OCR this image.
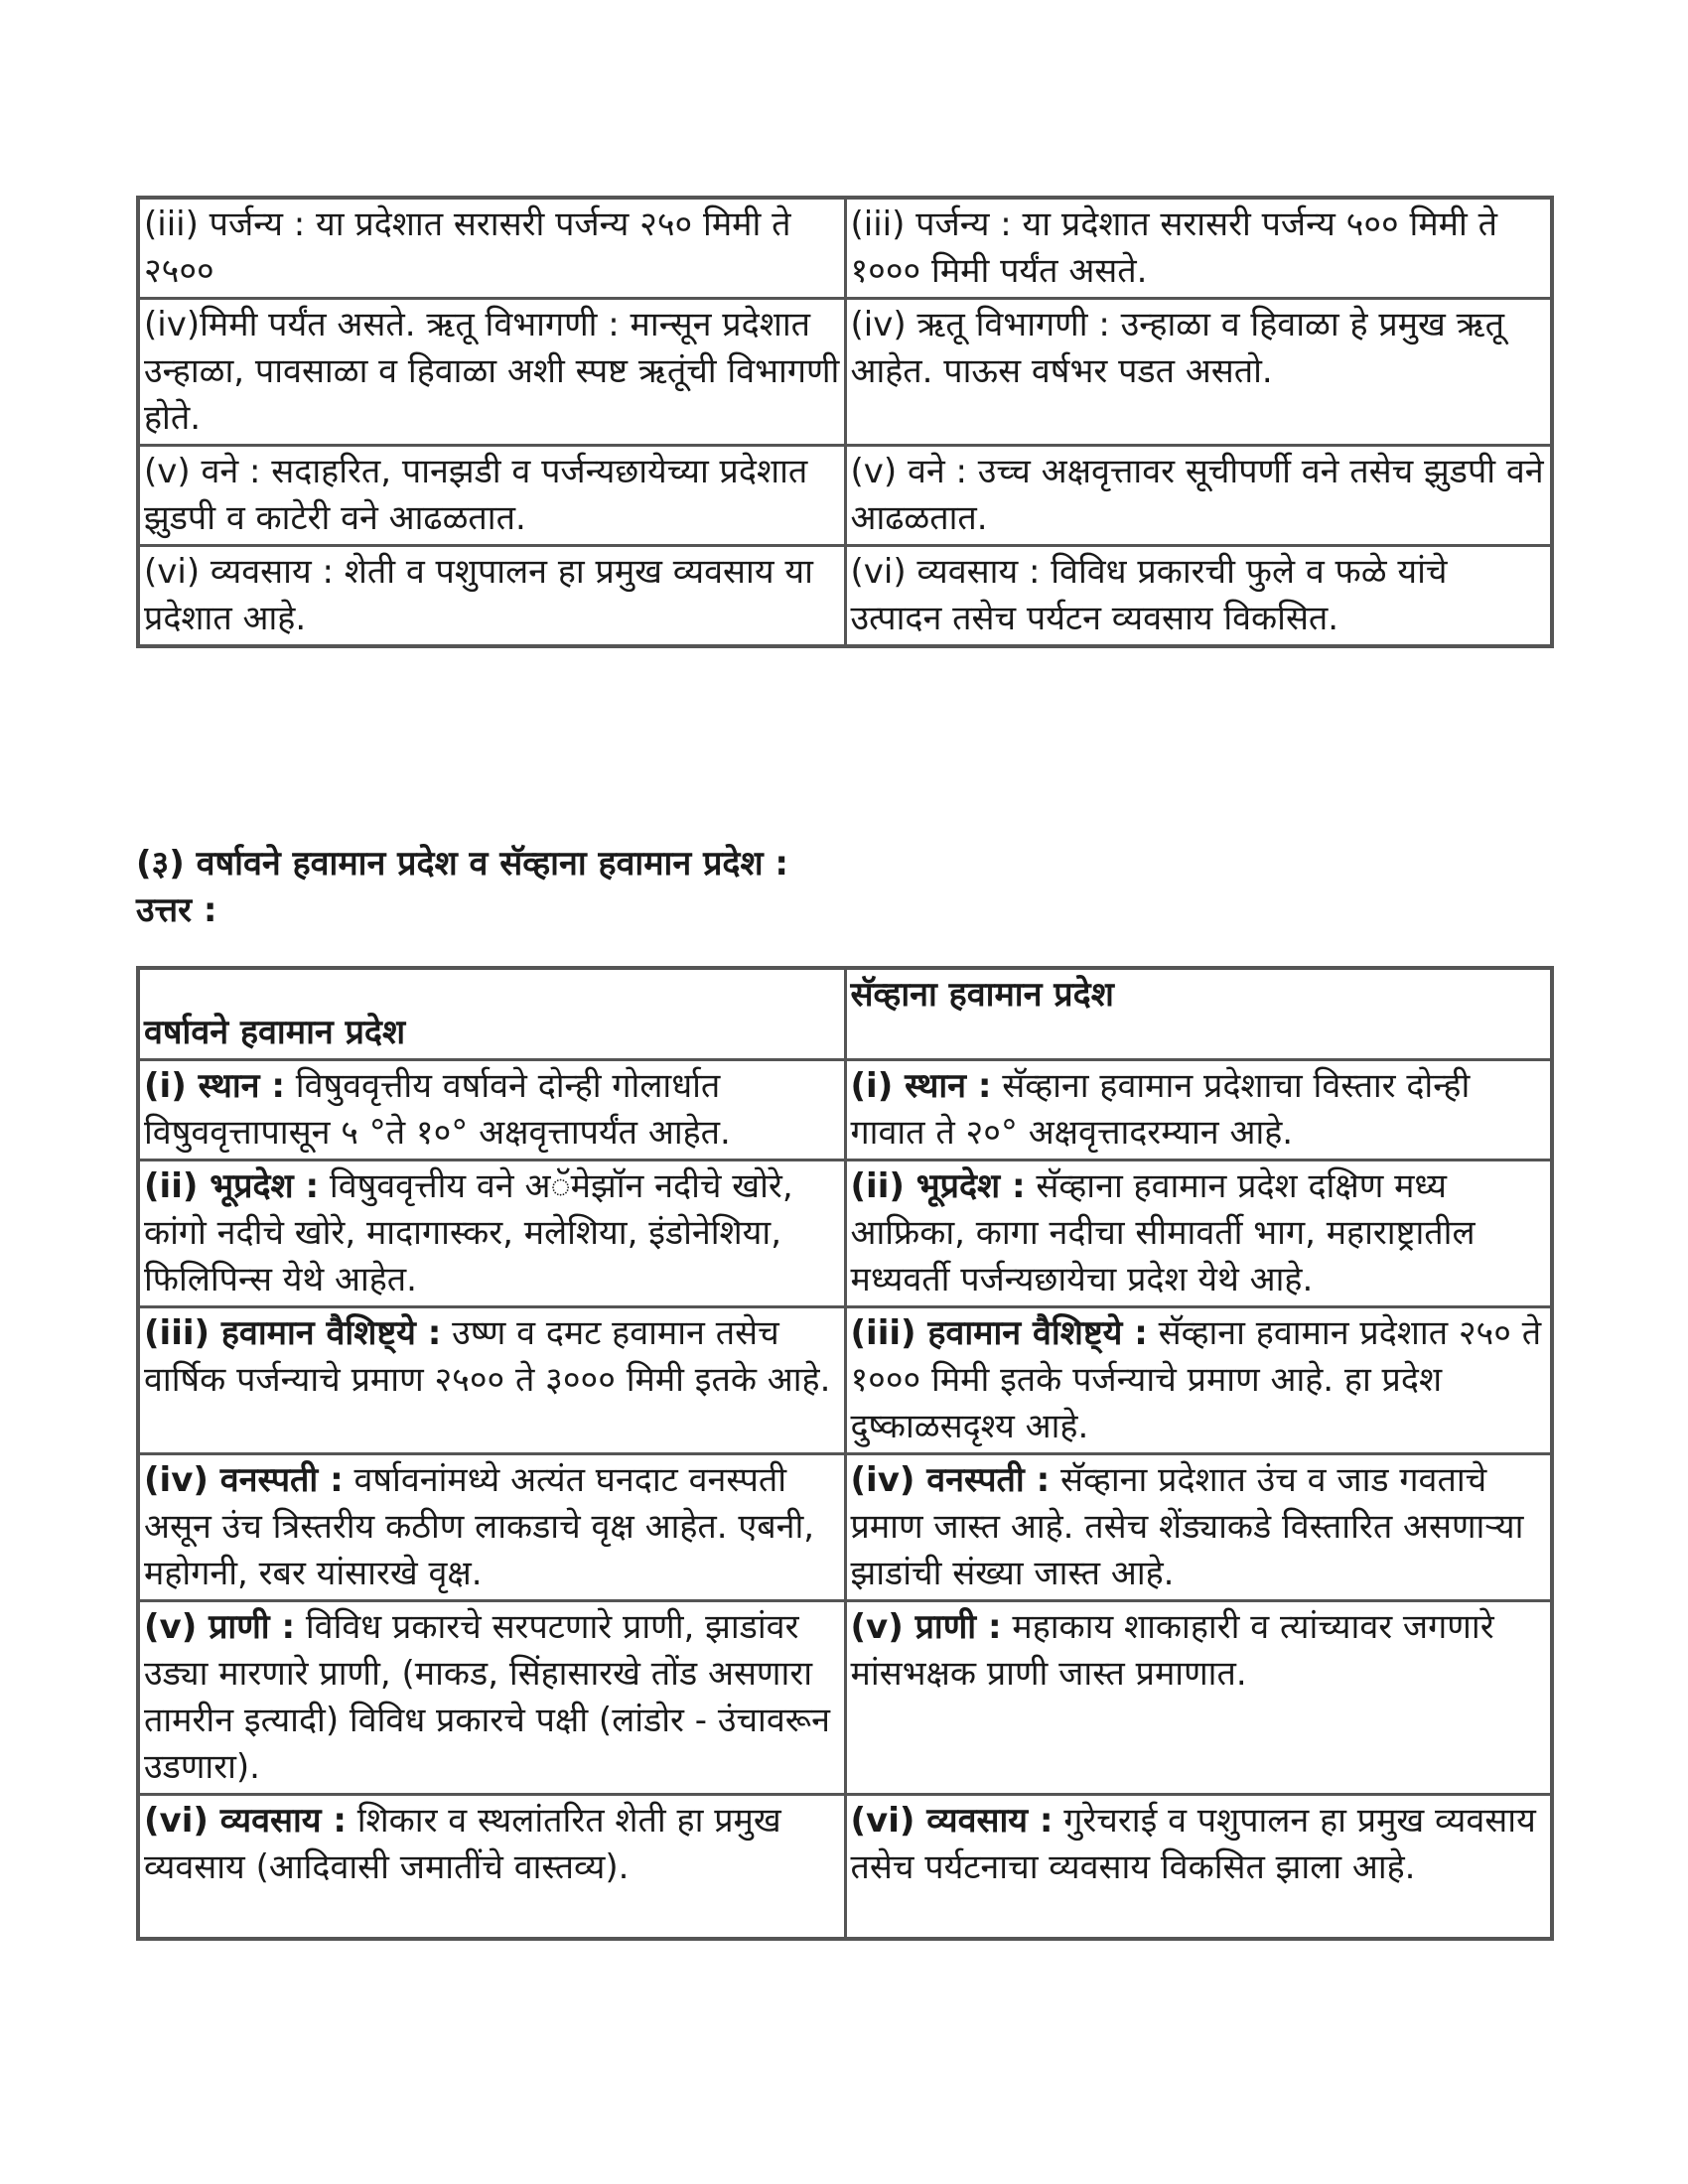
(iii) पर्जन्य : या प्रदेशात सरासरी पर्जन्य २५० मिमी ते २५००	(iii) पर्जन्य : या प्रदेशात सरासरी पर्जन्य ५०० मिमी ते १००० मिमी पर्यंत असते.
(iv)मिमी पर्यंत असते. ऋतू विभागणी : मान्सून प्रदेशात उन्हाळा, पावसाळा व हिवाळा अशी स्पष्ट ऋतूंची विभागणी होते.	(iv) ऋतू विभागणी : उन्हाळा व हिवाळा हे प्रमुख ऋतू आहेत. पाऊस वर्षभर पडत असतो.
(v) वने : सदाहरित, पानझडी व पर्जन्यछायेच्या प्रदेशात झुडपी व काटेरी वने आढळतात.	(v) वने : उच्च अक्षवृत्तावर सूचीपर्णी वने तसेच झुडपी वने आढळतात.
(vi) व्यवसाय : शेती व पशुपालन हा प्रमुख व्यवसाय या प्रदेशात आहे.	(vi) व्यवसाय : विविध प्रकारची फुले व फळे यांचे उत्पादन तसेच पर्यटन व्यवसाय विकसित.

(३) वर्षावने हवामान प्रदेश व सॅव्हाना हवामान प्रदेश :

उत्तर :

वर्षावने हवामान प्रदेश	सॅव्हाना हवामान प्रदेश
(i) स्थान : विषुववृत्तीय वर्षावने दोन्ही गोलार्धात विषुववृत्तापासून ५ °ते १०° अक्षवृत्तापर्यंत आहेत.	(i) स्थान : सॅव्हाना हवामान प्रदेशाचा विस्तार दोन्ही गावात ते २०° अक्षवृत्तादरम्यान आहे.
(ii) भूप्रदेश : विषुववृत्तीय वने अॅमेझॉन नदीचे खोरे, कांगो नदीचे खोरे, मादागास्कर, मलेशिया, इंडोनेशिया, फिलिपिन्स येथे आहेत.	(ii) भूप्रदेश : सॅव्हाना हवामान प्रदेश दक्षिण मध्य आफ्रिका, कागा नदीचा सीमावर्ती भाग, महाराष्ट्रातील मध्यवर्ती पर्जन्यछायेचा प्रदेश येथे आहे.
(iii) हवामान वैशिष्ट्ये : उष्ण व दमट हवामान तसेच वार्षिक पर्जन्याचे प्रमाण २५०० ते ३००० मिमी इतके आहे.	(iii) हवामान वैशिष्ट्ये : सॅव्हाना हवामान प्रदेशात २५० ते १००० मिमी इतके पर्जन्याचे प्रमाण आहे. हा प्रदेश दुष्काळसदृश्य आहे.
(iv) वनस्पती : वर्षावनांमध्ये अत्यंत घनदाट वनस्पती असून उंच त्रिस्तरीय कठीण लाकडाचे वृक्ष आहेत. एबनी, महोगनी, रबर यांसारखे वृक्ष.	(iv) वनस्पती : सॅव्हाना प्रदेशात उंच व जाड गवताचे प्रमाण जास्त आहे. तसेच शेंड्याकडे विस्तारित असणाऱ्या झाडांची संख्या जास्त आहे.
(v) प्राणी : विविध प्रकारचे सरपटणारे प्राणी, झाडांवर उड्या मारणारे प्राणी, (माकड, सिंहासारखे तोंड असणारा तामरीन इत्यादी) विविध प्रकारचे पक्षी (लांडोर - उंचावरून उडणारा).	(v) प्राणी : महाकाय शाकाहारी व त्यांच्यावर जगणारे मांसभक्षक प्राणी जास्त प्रमाणात.
(vi) व्यवसाय : शिकार व स्थलांतरित शेती हा प्रमुख व्यवसाय (आदिवासी जमातींचे वास्तव्य).	(vi) व्यवसाय : गुरेचराई व पशुपालन हा प्रमुख व्यवसाय तसेच पर्यटनाचा व्यवसाय विकसित झाला आहे.
